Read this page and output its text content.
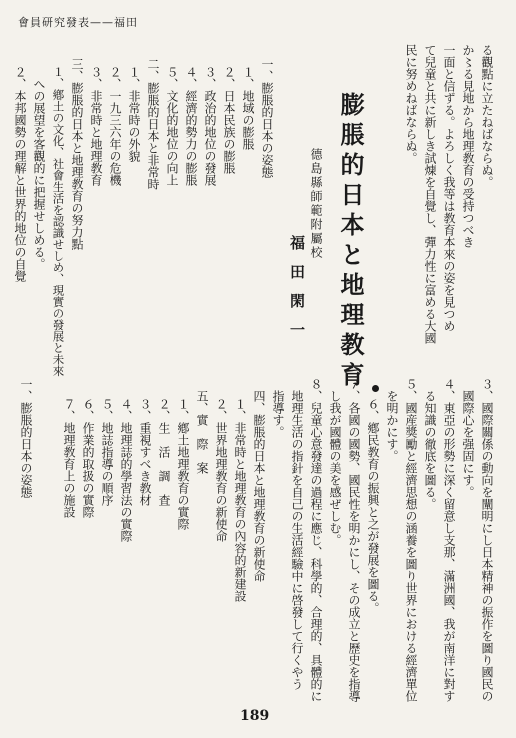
會員研究發表——福田
る觀點に立たねばならぬ。
か〻る見地から地理教育の受持つべき
一面と信ずる。よろしく我等は教育本來の姿を見つめ
て兒童と共に新しき試煉を自覺し、彈力性に富める大國
民に努めねばならぬ。
膨脹的日本と地理教育
德島縣師範附屬校
福田閑一
一、膨脹的日本の姿態
１、地域の膨脹
２、日本民族の膨脹
３、政治的地位の發展
４、經濟的勢力の膨脹
５、文化的地位の向上
二、膨脹的日本と非常時
１、非常時の外貌
２、一九三六年の危機
３、非常時と地理教育
三、膨脹的日本と地理教育の努力點
１、鄕土の文化、社會生活を認識せしめ、現實の發展と未來
への展望を客觀的に把握せしめる。
２、本邦國勢の理解と世界的地位の自覺
３、國際關係の動向を闡明にし日本精神の振作を圖り國民の
國際心を强固にす。
４、東亞の形勢に深く留意し支那、滿洲國、我が南洋に對す
る知識の徹底を圖る。
５、國産獎勵と經濟思想の涵養を圖り世界における經濟單位
を明かにす。
６、鄕民教育の振興と之が發展を圖る。
７、各國の國勢、國民性を明かにし、その成立と歷史を指導
し我が國體の美を感ぜしむ。
８、兒童心意發達の過程に應じ、科學的、合理的、具體的に
地理生活の指針を自己の生活經驗中に啓發して行くやう
指導す。
四、膨脹的日本と地理教育の新使命
１、非常時と地理教育の內容的新建設
２、世界地理教育の新使命
五、實　際　案
１、鄕土地理教育の實際
２、生　活　調　査
３、重視すべき教材
４、地理誌的學習法の實際
５、地誌指導の順序
６、作業的取扱の實際
７、地理教育上の施設
一、膨脹的日本の姿態
189
